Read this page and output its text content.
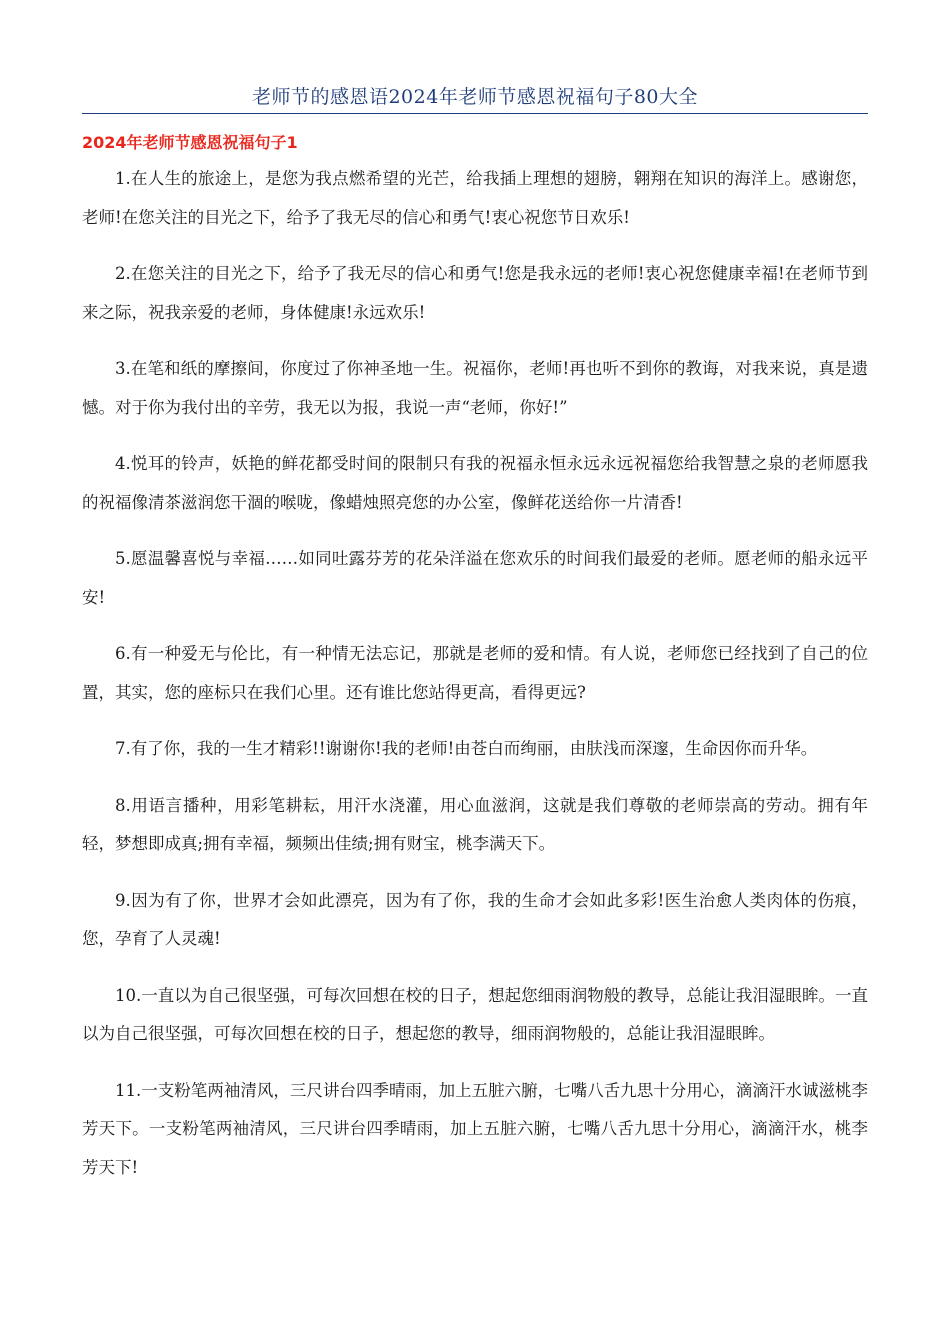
老师节的感恩语2024年老师节感恩祝福句子80大全
2024年老师节感恩祝福句子1

1.在人生的旅途上，是您为我点燃希望的光芒，给我插上理想的翅膀，翱翔在知识的海洋上。感谢您，老师!在您关注的目光之下，给予了我无尽的信心和勇气!衷心祝您节日欢乐!

2.在您关注的目光之下，给予了我无尽的信心和勇气!您是我永远的老师!衷心祝您健康幸福!在老师节到来之际，祝我亲爱的老师，身体健康!永远欢乐!

3.在笔和纸的摩擦间，你度过了你神圣地一生。祝福你，老师!再也听不到你的教诲，对我来说，真是遗憾。对于你为我付出的辛劳，我无以为报，我说一声“老师，你好!”

4.悦耳的铃声，妖艳的鲜花都受时间的限制只有我的祝福永恒永远永远祝福您给我智慧之泉的老师愿我的祝福像清茶滋润您干涸的喉咙，像蜡烛照亮您的办公室，像鲜花送给你一片清香!

5.愿温馨喜悦与幸福……如同吐露芬芳的花朵洋溢在您欢乐的时间我们最爱的老师。愿老师的船永远平安!

6.有一种爱无与伦比，有一种情无法忘记，那就是老师的爱和情。有人说，老师您已经找到了自己的位置，其实，您的座标只在我们心里。还有谁比您站得更高，看得更远?

7.有了你，我的一生才精彩!!谢谢你!我的老师!由苍白而绚丽，由肤浅而深邃，生命因你而升华。

8.用语言播种，用彩笔耕耘，用汗水浇灌，用心血滋润，这就是我们尊敬的老师崇高的劳动。拥有年轻，梦想即成真;拥有幸福，频频出佳绩;拥有财宝，桃李满天下。

9.因为有了你，世界才会如此漂亮，因为有了你，我的生命才会如此多彩!医生治愈人类肉体的伤痕，您，孕育了人灵魂!

10.一直以为自己很坚强，可每次回想在校的日子，想起您细雨润物般的教导，总能让我泪湿眼眸。一直以为自己很坚强，可每次回想在校的日子，想起您的教导，细雨润物般的，总能让我泪湿眼眸。

11.一支粉笔两袖清风，三尺讲台四季晴雨，加上五脏六腑，七嘴八舌九思十分用心，滴滴汗水诚滋桃李芳天下。一支粉笔两袖清风，三尺讲台四季晴雨，加上五脏六腑，七嘴八舌九思十分用心，滴滴汗水，桃李芳天下!
